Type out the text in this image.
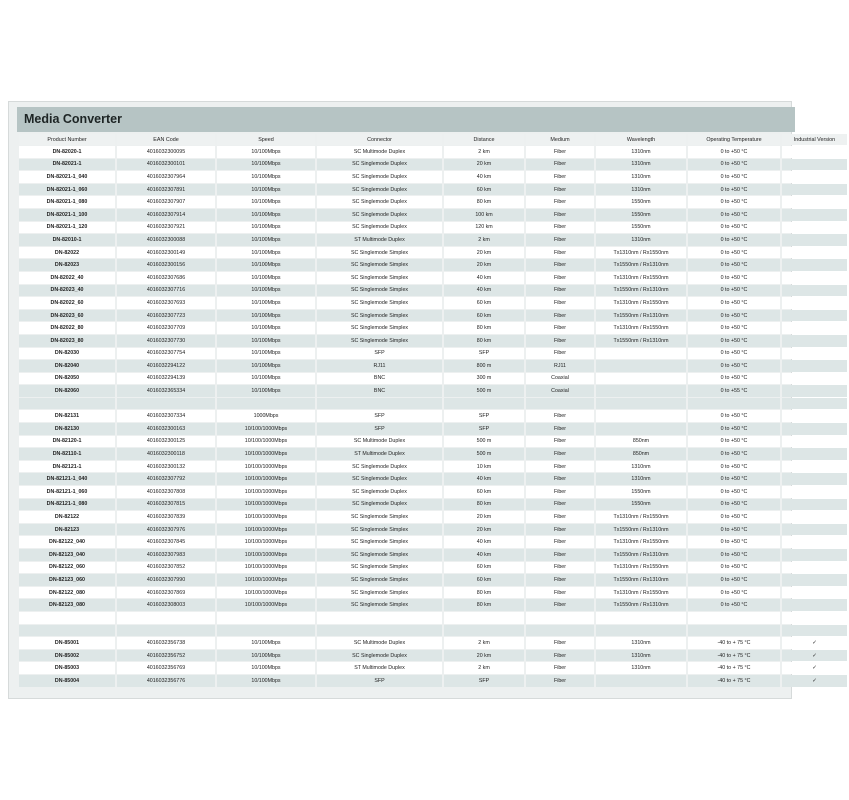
Media Converter
Product Number	EAN Code	Speed	Connector	Distance	Medium	Wavelength	Operating Temperature	Industrial Version
DN-82020-1	4016032300095	10/100Mbps	SC Multimode Duplex	2 km	Fiber	1310nm	0 to +50 °C	
DN-82021-1	4016032300101	10/100Mbps	SC Singlemode Duplex	20 km	Fiber	1310nm	0 to +50 °C	
DN-82021-1_040	4016032307964	10/100Mbps	SC Singlemode Duplex	40 km	Fiber	1310nm	0 to +50 °C	
DN-82021-1_060	4016032307891	10/100Mbps	SC Singlemode Duplex	60 km	Fiber	1310nm	0 to +50 °C	
DN-82021-1_080	4016032307907	10/100Mbps	SC Singlemode Duplex	80 km	Fiber	1550nm	0 to +50 °C	
DN-82021-1_100	4016032307914	10/100Mbps	SC Singlemode Duplex	100 km	Fiber	1550nm	0 to +50 °C	
DN-82021-1_120	4016032307921	10/100Mbps	SC Singlemode Duplex	120 km	Fiber	1550nm	0 to +50 °C	
DN-82010-1	4016032300088	10/100Mbps	ST Multimode Duplex	2 km	Fiber	1310nm	0 to +50 °C	
DN-82022	4016032300149	10/100Mbps	SC Singlemode Simplex	20 km	Fiber	Tx1310nm / Rx1550nm	0 to +50 °C	
DN-82023	4016032300156	10/100Mbps	SC Singlemode Simplex	20 km	Fiber	Tx1550nm / Rx1310nm	0 to +50 °C	
DN-82022_40	4016032307686	10/100Mbps	SC Singlemode Simplex	40 km	Fiber	Tx1310nm / Rx1550nm	0 to +50 °C	
DN-82023_40	4016032307716	10/100Mbps	SC Singlemode Simplex	40 km	Fiber	Tx1550nm / Rx1310nm	0 to +50 °C	
DN-82022_60	4016032307693	10/100Mbps	SC Singlemode Simplex	60 km	Fiber	Tx1310nm / Rx1550nm	0 to +50 °C	
DN-82023_60	4016032307723	10/100Mbps	SC Singlemode Simplex	60 km	Fiber	Tx1550nm / Rx1310nm	0 to +50 °C	
DN-82022_80	4016032307709	10/100Mbps	SC Singlemode Simplex	80 km	Fiber	Tx1310nm / Rx1550nm	0 to +50 °C	
DN-82023_80	4016032307730	10/100Mbps	SC Singlemode Simplex	80 km	Fiber	Tx1550nm / Rx1310nm	0 to +50 °C	
DN-82030	4016032307754	10/100Mbps	SFP	SFP	Fiber		0 to +50 °C	
DN-82040	4016032294122	10/100Mbps	RJ11	800 m	RJ11		0 to +50 °C	
DN-82050	4016032294139	10/100Mbps	BNC	300 m	Coaxial		0 to +50 °C	
DN-82060	4016032365334	10/100Mbps	BNC	500 m	Coaxial		0 to +55 °C	

DN-82131	4016032307334	1000Mbps	SFP	SFP	Fiber		0 to +50 °C	
DN-82130	4016032300163	10/100/1000Mbps	SFP	SFP	Fiber		0 to +50 °C	
DN-82120-1	4016032300125	10/100/1000Mbps	SC Multimode Duplex	500 m	Fiber	850nm	0 to +50 °C	
DN-82110-1	4016032300118	10/100/1000Mbps	ST Multimode Duplex	500 m	Fiber	850nm	0 to +50 °C	
DN-82121-1	4016032300132	10/100/1000Mbps	SC Singlemode Duplex	10 km	Fiber	1310nm	0 to +50 °C	
DN-82121-1_040	4016032307792	10/100/1000Mbps	SC Singlemode Duplex	40 km	Fiber	1310nm	0 to +50 °C	
DN-82121-1_060	4016032307808	10/100/1000Mbps	SC Singlemode Duplex	60 km	Fiber	1550nm	0 to +50 °C	
DN-82121-1_080	4016032307815	10/100/1000Mbps	SC Singlemode Duplex	80 km	Fiber	1550nm	0 to +50 °C	
DN-82122	4016032307839	10/100/1000Mbps	SC Singlemode Simplex	20 km	Fiber	Tx1310nm / Rx1550nm	0 to +50 °C	
DN-82123	4016032307976	10/100/1000Mbps	SC Singlemode Simplex	20 km	Fiber	Tx1550nm / Rx1310nm	0 to +50 °C	
DN-82122_040	4016032307845	10/100/1000Mbps	SC Singlemode Simplex	40 km	Fiber	Tx1310nm / Rx1550nm	0 to +50 °C	
DN-82123_040	4016032307983	10/100/1000Mbps	SC Singlemode Simplex	40 km	Fiber	Tx1550nm / Rx1310nm	0 to +50 °C	
DN-82122_060	4016032307852	10/100/1000Mbps	SC Singlemode Simplex	60 km	Fiber	Tx1310nm / Rx1550nm	0 to +50 °C	
DN-82123_060	4016032307990	10/100/1000Mbps	SC Singlemode Simplex	60 km	Fiber	Tx1550nm / Rx1310nm	0 to +50 °C	
DN-82122_080	4016032307869	10/100/1000Mbps	SC Singlemode Simplex	80 km	Fiber	Tx1310nm / Rx1550nm	0 to +50 °C	
DN-82123_080	4016032308003	10/100/1000Mbps	SC Singlemode Simplex	80 km	Fiber	Tx1550nm / Rx1310nm	0 to +50 °C	

DN-85001	4016032356738	10/100Mbps	SC Multimode Duplex	2 km	Fiber	1310nm	-40 to + 75 °C	✓
DN-85002	4016032356752	10/100Mbps	SC Singlemode Duplex	20 km	Fiber	1310nm	-40 to + 75 °C	✓
DN-85003	4016032356769	10/100Mbps	ST Multimode Duplex	2 km	Fiber	1310nm	-40 to + 75 °C	✓
DN-85004	4016032356776	10/100Mbps	SFP	SFP	Fiber		-40 to + 75 °C	✓
